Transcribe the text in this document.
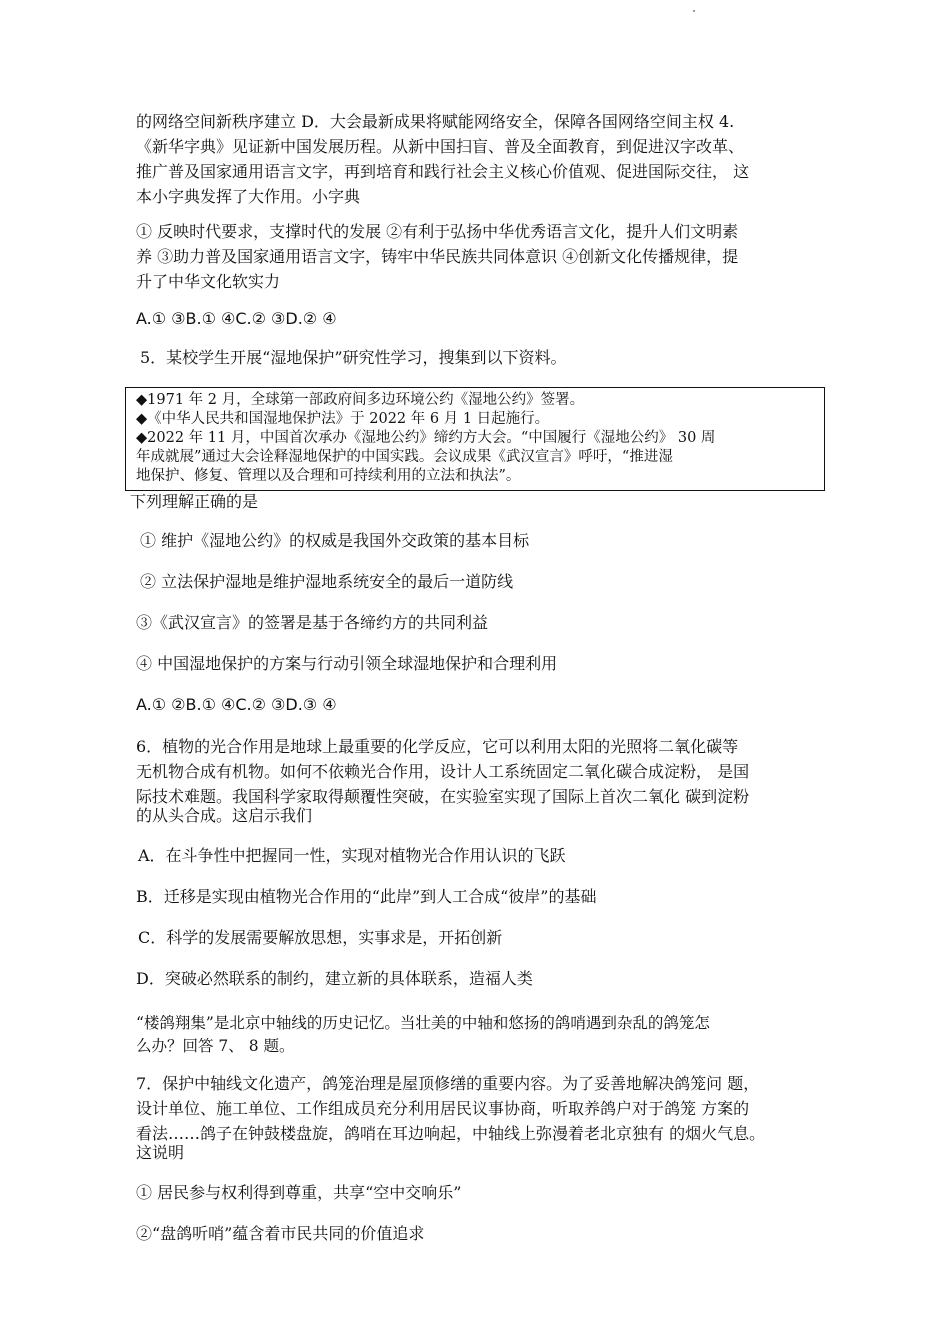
的网络空间新秩序建立 D．大会最新成果将赋能网络安全，保障各国网络空间主权 4.
《新华字典》见证新中国发展历程。从新中国扫盲、普及全面教育，到促进汉字改革、
推广普及国家通用语言文字，再到培育和践行社会主义核心价值观、促进国际交往， 这
本小字典发挥了大作用。小字典
① 反映时代要求，支撑时代的发展 ②有利于弘扬中华优秀语言文化，提升人们文明素
养 ③助力普及国家通用语言文字，铸牢中华民族共同体意识 ④创新文化传播规律，提
升了中华文化软实力
A.① ③B.① ④C.② ③D.② ④
5．某校学生开展“湿地保护”研究性学习，搜集到以下资料。
◆1971 年 2 月，全球第一部政府间多边环境公约《湿地公约》签署。
◆《中华人民共和国湿地保护法》于 2022 年 6 月 1 日起施行。
◆2022 年 11 月，中国首次承办《湿地公约》缔约方大会。“中国履行《湿地公约》 30 周
年成就展”通过大会诠释湿地保护的中国实践。会议成果《武汉宣言》呼吁，“推进湿
地保护、修复、管理以及合理和可持续利用的立法和执法”。
下列理解正确的是
① 维护《湿地公约》的权威是我国外交政策的基本目标
② 立法保护湿地是维护湿地系统安全的最后一道防线
③《武汉宣言》的签署是基于各缔约方的共同利益
④ 中国湿地保护的方案与行动引领全球湿地保护和合理利用
A.① ②B.① ④C.② ③D.③ ④
6．植物的光合作用是地球上最重要的化学反应，它可以利用太阳的光照将二氧化碳等
无机物合成有机物。如何不依赖光合作用，设计人工系统固定二氧化碳合成淀粉， 是国
际技术难题。我国科学家取得颠覆性突破，在实验室实现了国际上首次二氧化 碳到淀粉
的从头合成。这启示我们
A．在斗争性中把握同一性，实现对植物光合作用认识的飞跃
B．迁移是实现由植物光合作用的“此岸”到人工合成“彼岸”的基础
C．科学的发展需要解放思想，实事求是，开拓创新
D．突破必然联系的制约，建立新的具体联系，造福人类
“楼鸽翔集”是北京中轴线的历史记忆。当壮美的中轴和悠扬的鸽哨遇到杂乱的鸽笼怎
么办？回答 7、 8 题。
7．保护中轴线文化遗产，鸽笼治理是屋顶修缮的重要内容。为了妥善地解决鸽笼问 题，
设计单位、施工单位、工作组成员充分利用居民议事协商，听取养鸽户对于鸽笼 方案的
看法……鸽子在钟鼓楼盘旋，鸽哨在耳边响起，中轴线上弥漫着老北京独有 的烟火气息。
这说明
① 居民参与权利得到尊重，共享“空中交响乐”
②“盘鸽听哨”蕴含着市民共同的价值追求
